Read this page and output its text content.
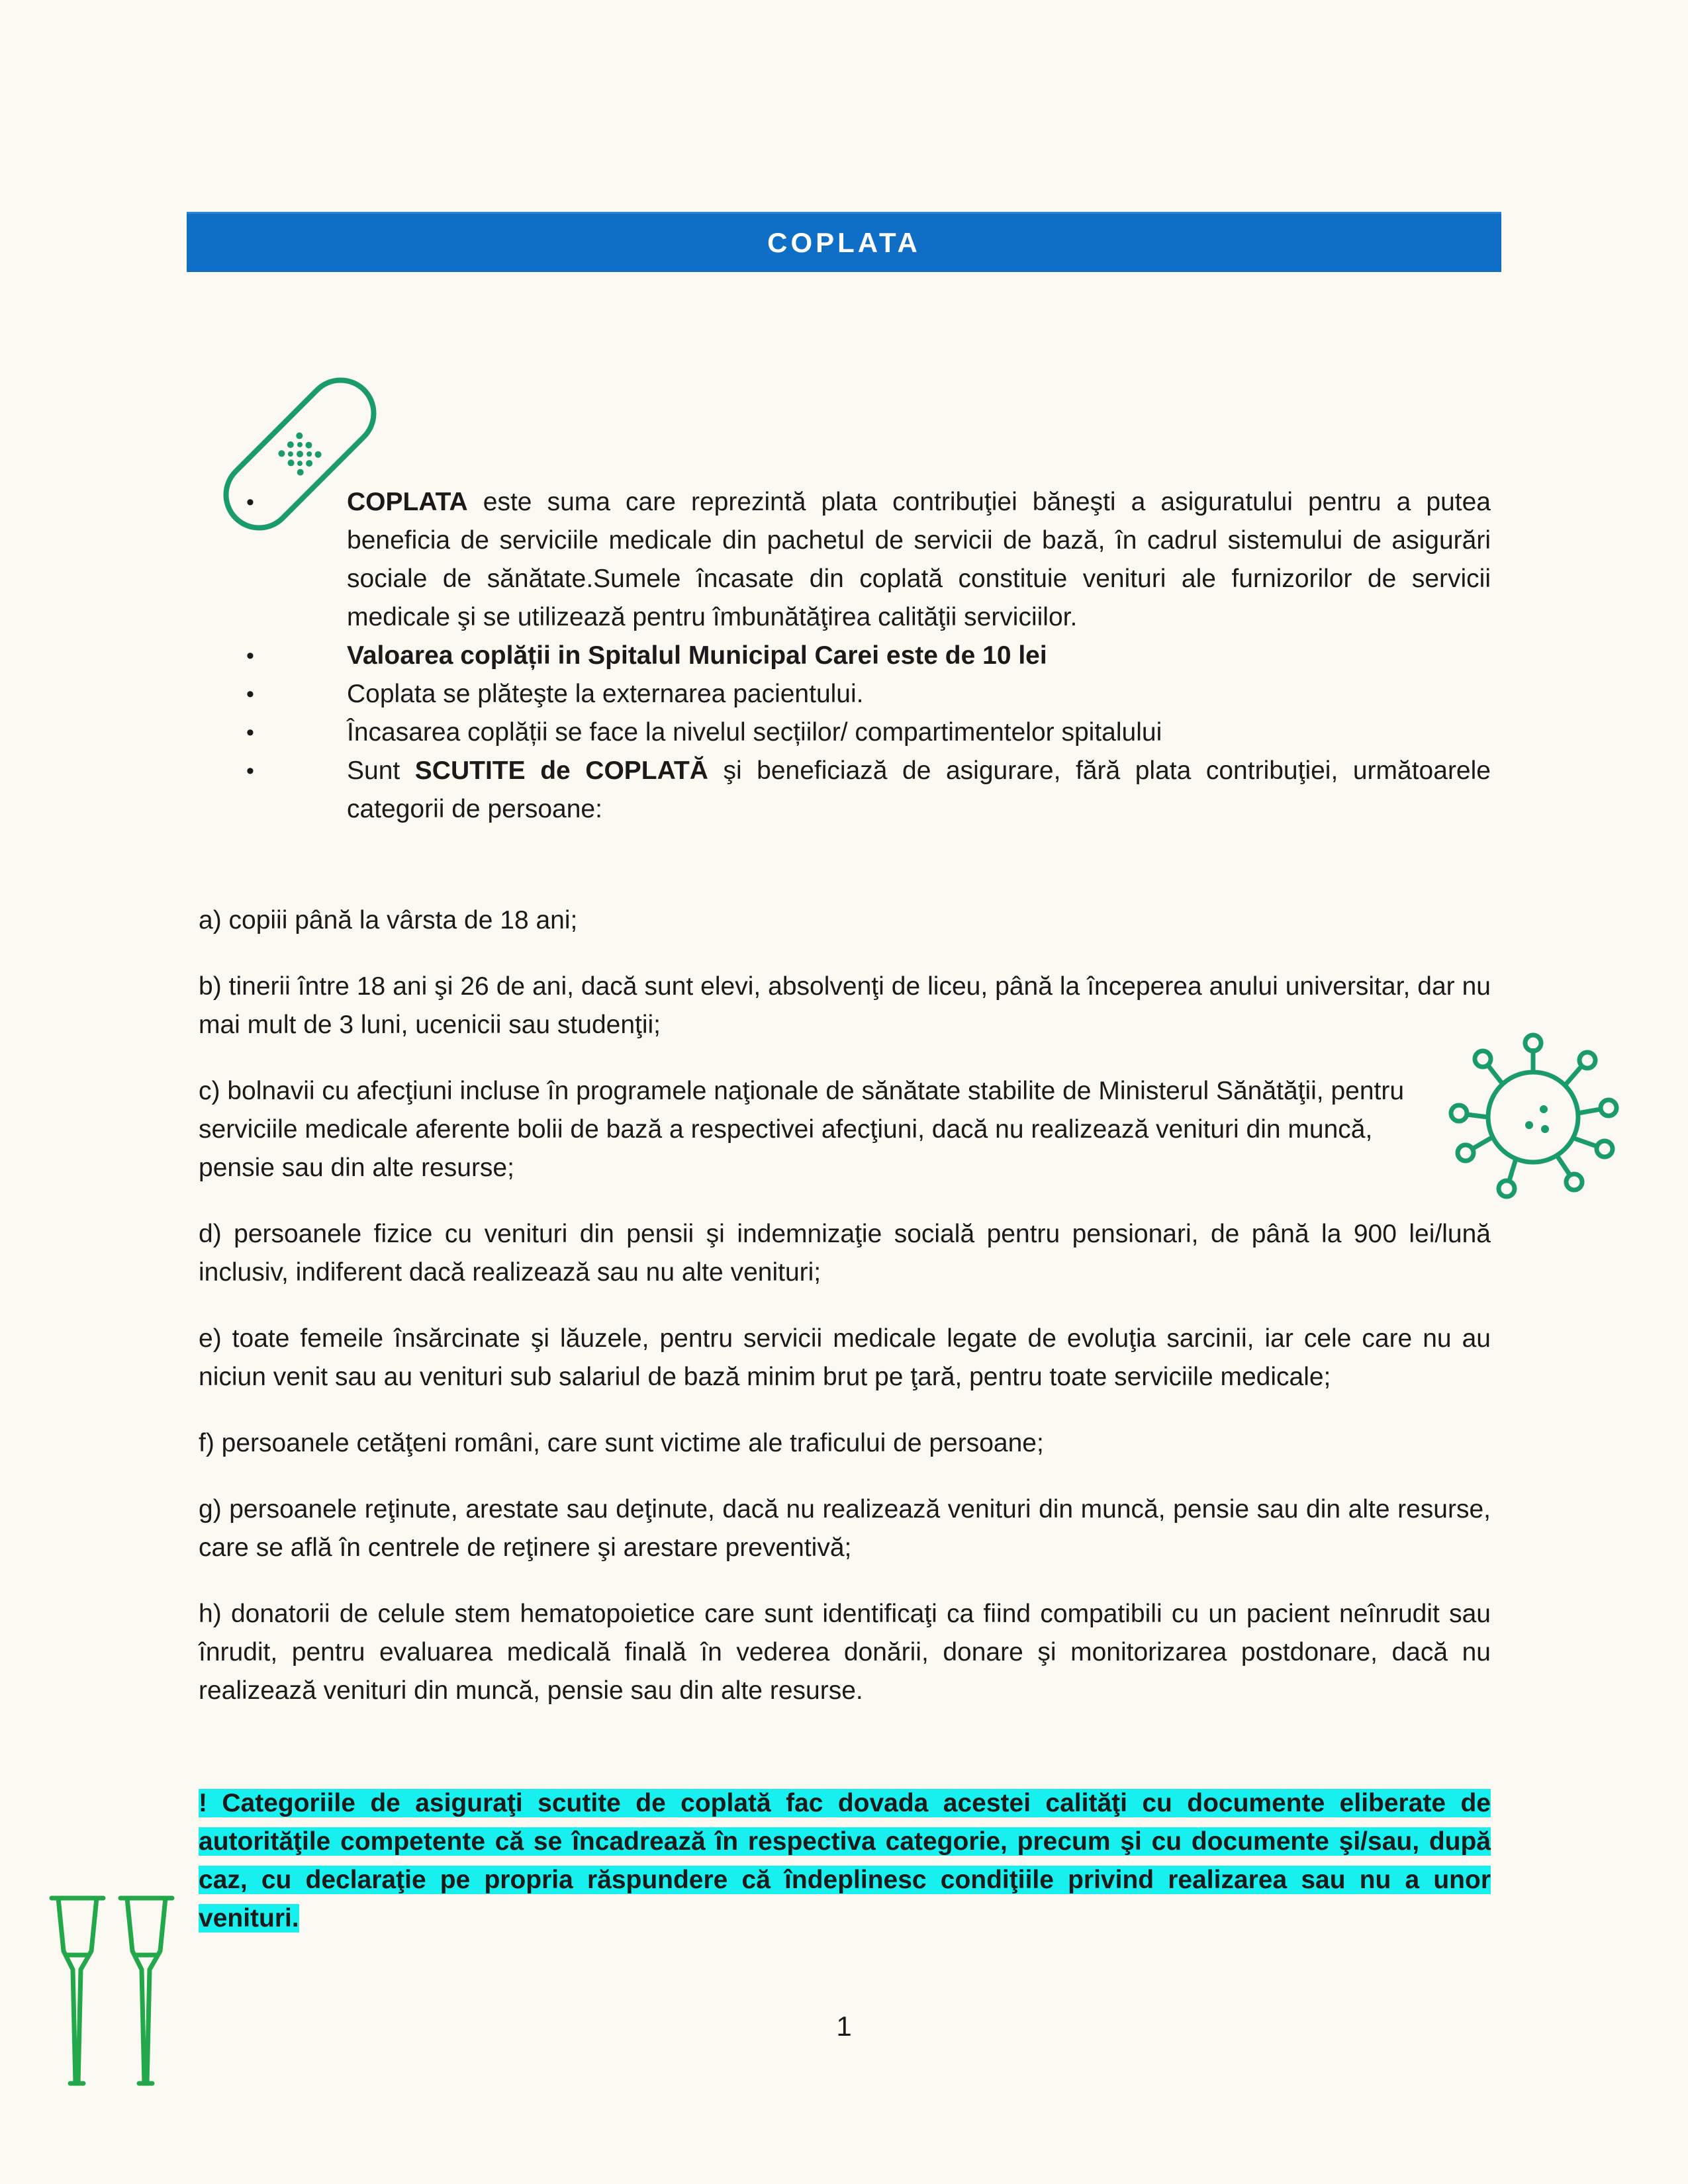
COPLATA
•	COPLATA este suma care reprezintă plata contribuţiei băneşti a asiguratului pentru a putea beneficia de serviciile medicale din pachetul de servicii de bază, în cadrul sistemului de asigurări sociale de sănătate.Sumele încasate din coplată constituie venituri ale furnizorilor de servicii medicale şi se utilizează pentru îmbunătăţirea calităţii serviciilor.
•	Valoarea coplății in Spitalul Municipal Carei este de 10 lei
•	Coplata se plăteşte la externarea pacientului.
•	Încasarea coplății se face la nivelul secțiilor/ compartimentelor spitalului
•	Sunt SCUTITE de COPLATĂ şi beneficiază de asigurare, fără plata contribuţiei, următoarele categorii de persoane:

a) copiii până la vârsta de 18 ani;

b) tinerii între 18 ani şi 26 de ani, dacă sunt elevi, absolvenţi de liceu, până la începerea anului universitar, dar nu mai mult de 3 luni, ucenicii sau studenţii;

c) bolnavii cu afecţiuni incluse în programele naţionale de sănătate stabilite de Ministerul Sănătăţii, pentru serviciile medicale aferente bolii de bază a respectivei afecţiuni, dacă nu realizează venituri din muncă, pensie sau din alte resurse;

d) persoanele fizice cu venituri din pensii şi indemnizaţie socială pentru pensionari, de până la 900 lei/lună inclusiv, indiferent dacă realizează sau nu alte venituri;

e) toate femeile însărcinate şi lăuzele, pentru servicii medicale legate de evoluţia sarcinii, iar cele care nu au niciun venit sau au venituri sub salariul de bază minim brut pe ţară, pentru toate serviciile medicale;

f) persoanele cetăţeni români, care sunt victime ale traficului de persoane;

g) persoanele reţinute, arestate sau deţinute, dacă nu realizează venituri din muncă, pensie sau din alte resurse, care se află în centrele de reţinere şi arestare preventivă;

h) donatorii de celule stem hematopoietice care sunt identificaţi ca fiind compatibili cu un pacient neînrudit sau înrudit, pentru evaluarea medicală finală în vederea donării, donare şi monitorizarea postdonare, dacă nu realizează venituri din muncă, pensie sau din alte resurse.

! Categoriile de asiguraţi scutite de coplată fac dovada acestei calităţi cu documente eliberate de autorităţile competente că se încadrează în respectiva categorie, precum şi cu documente şi/sau, după caz, cu declaraţie pe propria răspundere că îndeplinesc condiţiile privind realizarea sau nu a unor venituri.
1
